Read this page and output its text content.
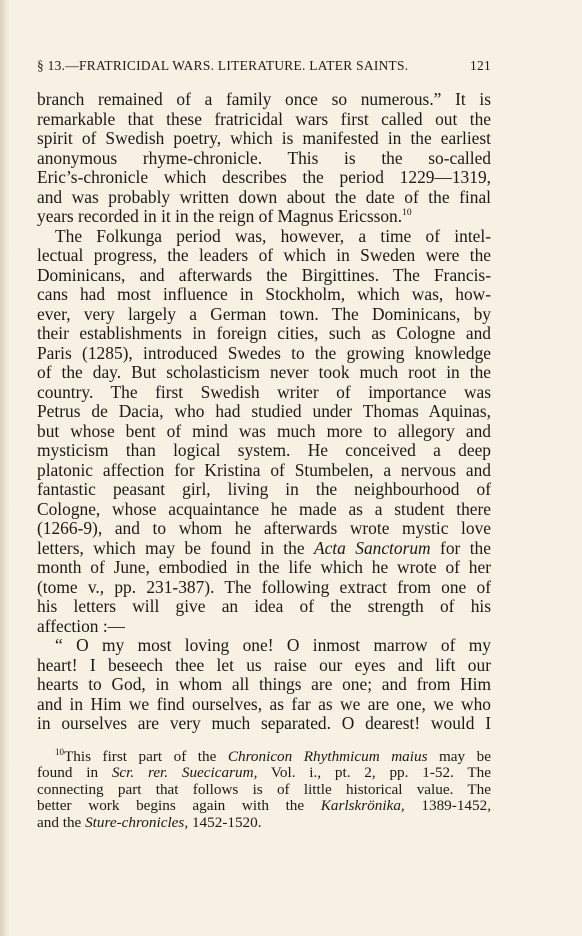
§ 13.—FRATRICIDAL WARS. LITERATURE. LATER SAINTS.	121
branch remained of a family once so numerous.” It is
remarkable that these fratricidal wars first called out the
spirit of Swedish poetry, which is manifested in the earliest
anonymous rhyme-chronicle. This is the so-called
Eric’s-chronicle which describes the period 1229—1319,
and was probably written down about the date of the final
years recorded in it in the reign of Magnus Ericsson.$^{10}$
The Folkunga period was, however, a time of intel-
lectual progress, the leaders of which in Sweden were the
Dominicans, and afterwards the Birgittines. The Francis-
cans had most influence in Stockholm, which was, how-
ever, very largely a German town. The Dominicans, by
their establishments in foreign cities, such as Cologne and
Paris (1285), introduced Swedes to the growing knowledge
of the day. But scholasticism never took much root in the
country. The first Swedish writer of importance was
Petrus de Dacia, who had studied under Thomas Aquinas,
but whose bent of mind was much more to allegory and
mysticism than logical system. He conceived a deep
platonic affection for Kristina of Stumbelen, a nervous and
fantastic peasant girl, living in the neighbourhood of
Cologne, whose acquaintance he made as a student there
(1266-9), and to whom he afterwards wrote mystic love
letters, which may be found in the Acta Sanctorum for the
month of June, embodied in the life which he wrote of her
(tome v., pp. 231-387). The following extract from one of
his letters will give an idea of the strength of his
affection :—
“ O my most loving one! O inmost marrow of my
heart! I beseech thee let us raise our eyes and lift our
hearts to God, in whom all things are one; and from Him
and in Him we find ourselves, as far as we are one, we who
in ourselves are very much separated. O dearest! would I
$^{10}$This first part of the Chronicon Rhythmicum maius may be
found in Scr. rer. Suecicarum, Vol. i., pt. 2, pp. 1-52. The
connecting part that follows is of little historical value. The
better work begins again with the Karlskrönika, 1389-1452,
and the Sture-chronicles, 1452-1520.
